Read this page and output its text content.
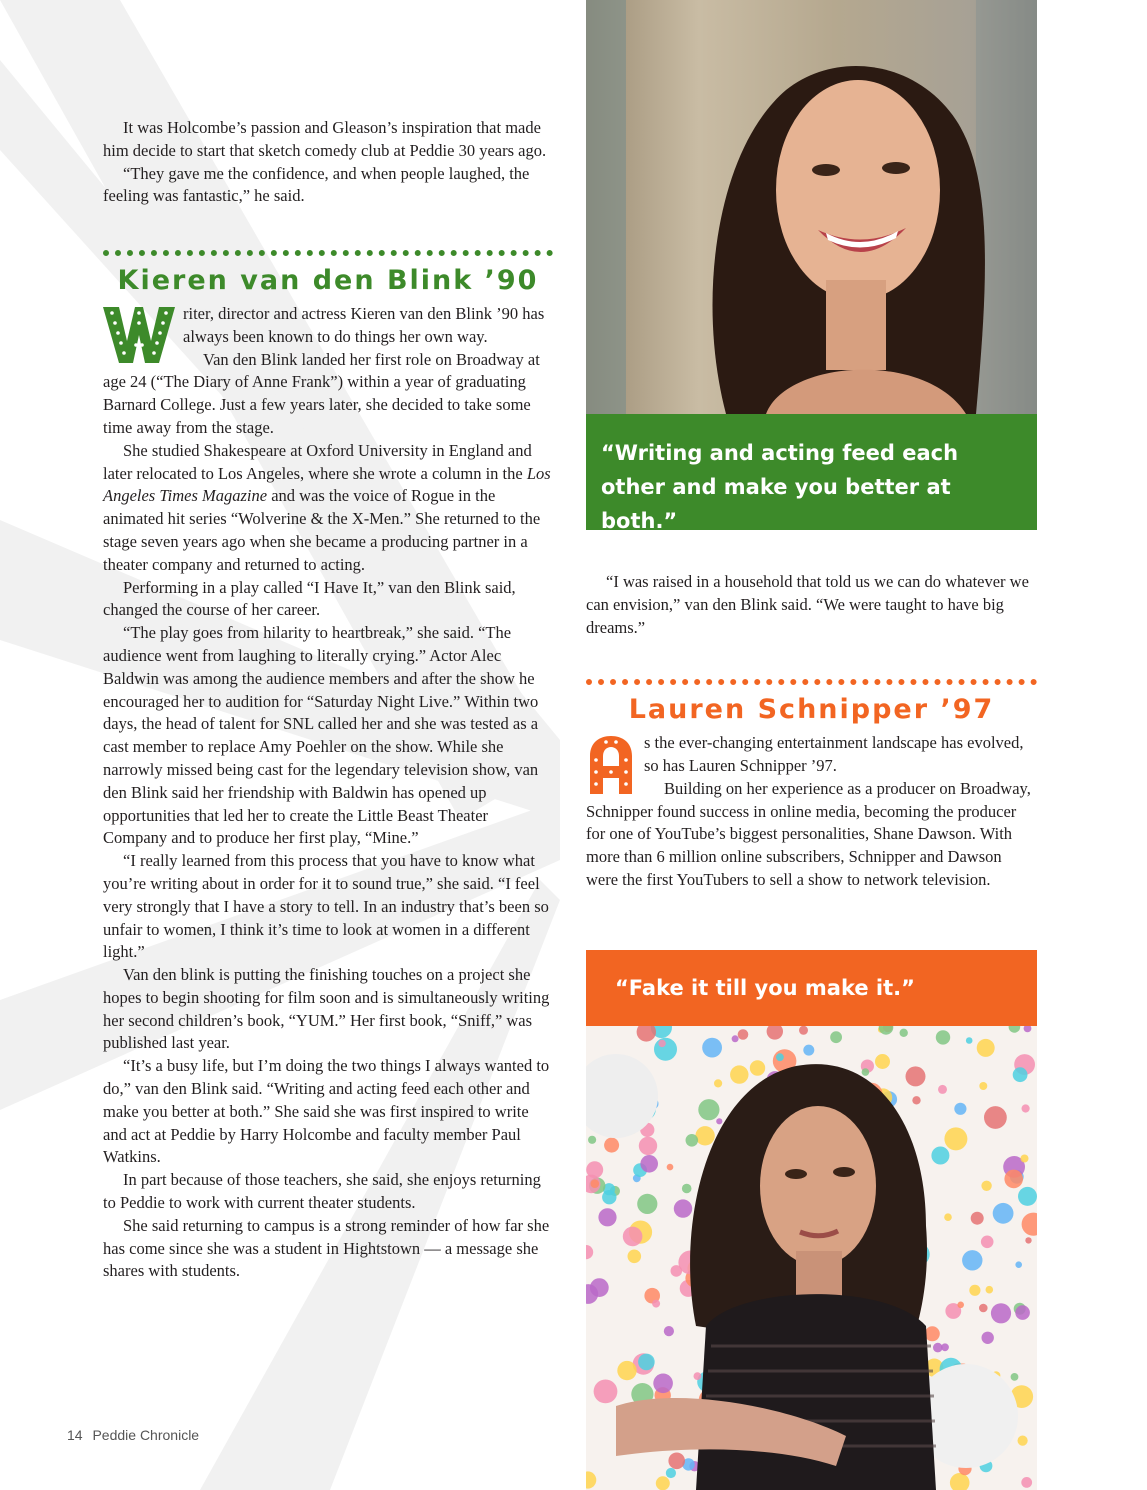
It was Holcombe’s passion and Gleason’s inspiration that made him decide to start that sketch comedy club at Peddie 30 years ago.

“They gave me the confidence, and when people laughed, the feeling was fantastic,” he said.

Kieren van den Blink ’90

riter, director and actress Kieren van den Blink ’90 has always been known to do things her own way.

Van den Blink landed her first role on Broadway at age 24 (“The Diary of Anne Frank”) within a year of graduating Barnard College. Just a few years later, she decided to take some time away from the stage.

She studied Shakespeare at Oxford University in England and later relocated to Los Angeles, where she wrote a column in the Los Angeles Times Magazine and was the voice of Rogue in the animated hit series “Wolverine & the X-Men.” She returned to the stage seven years ago when she became a producing partner in a theater company and returned to acting.

Performing in a play called “I Have It,” van den Blink said, changed the course of her career.

“The play goes from hilarity to heartbreak,” she said. “The audience went from laughing to literally crying.” Actor Alec Baldwin was among the audience members and after the show he encouraged her to audition for “Saturday Night Live.” Within two days, the head of talent for SNL called her and she was tested as a cast member to replace Amy Poehler on the show. While she narrowly missed being cast for the legendary television show, van den Blink said her friendship with Baldwin has opened up opportunities that led her to create the Little Beast Theater Company and to produce her first play, “Mine.”

“I really learned from this process that you have to know what you’re writing about in order for it to sound true,” she said. “I feel very strongly that I have a story to tell. In an industry that’s been so unfair to women, I think it’s time to look at women in a different light.”

Van den blink is putting the finishing touches on a project she hopes to begin shooting for film soon and is simultaneously writing her second children’s book, “YUM.” Her first book, “Sniff,” was published last year.

“It’s a busy life, but I’m doing the two things I always wanted to do,” van den Blink said. “Writing and acting feed each other and make you better at both.” She said she was first inspired to write and act at Peddie by Harry Holcombe and faculty member Paul Watkins.

In part because of those teachers, she said, she enjoys returning to Peddie to work with current theater students.

She said returning to campus is a strong reminder of how far she has come since she was a student in Hightstown — a message she shares with students.

“Writing and acting feed each other and make you better at both.”

“I was raised in a household that told us we can do whatever we can envision,” van den Blink said. “We were taught to have big dreams.”

Lauren Schnipper ’97

s the ever-changing entertainment landscape has evolved, so has Lauren Schnipper ’97.

Building on her experience as a producer on Broadway, Schnipper found success in online media, becoming the producer for one of YouTube’s biggest personalities, Shane Dawson. With more than 6 million online subscribers, Schnipper and Dawson were the first YouTubers to sell a show to network television.

“Fake it till you make it.”
14 Peddie Chronicle
